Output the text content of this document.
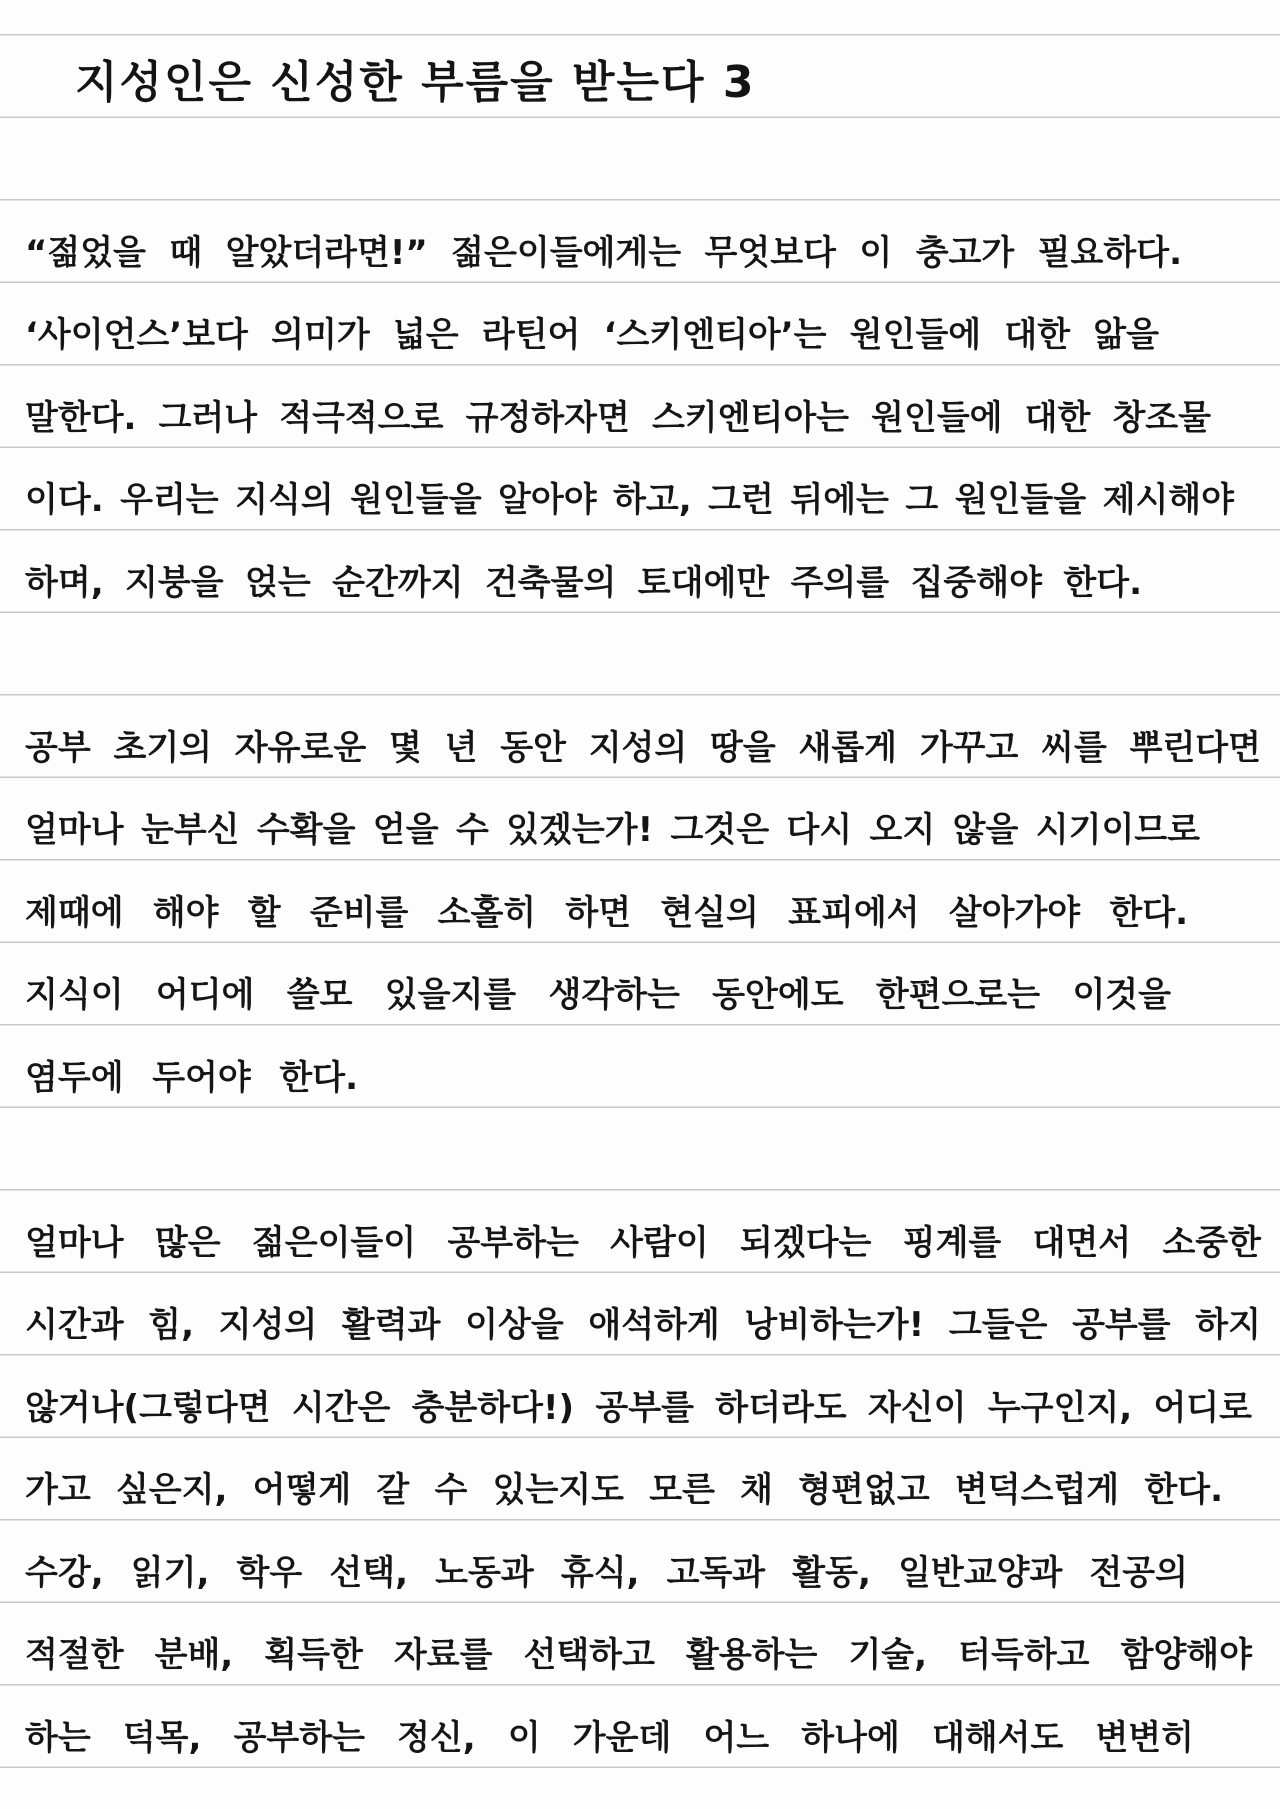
지성인은 신성한 부름을 받는다 3
“젊었을 때 알았더라면!” 젊은이들에게는 무엇보다 이 충고가 필요하다.
‘사이언스’보다 의미가 넓은 라틴어 ‘스키엔티아’는 원인들에 대한 앎을
말한다. 그러나 적극적으로 규정하자면 스키엔티아는 원인들에 대한 창조물
이다. 우리는 지식의 원인들을 알아야 하고, 그런 뒤에는 그 원인들을 제시해야
하며, 지붕을 얹는 순간까지 건축물의 토대에만 주의를 집중해야 한다.
공부 초기의 자유로운 몇 년 동안 지성의 땅을 새롭게 가꾸고 씨를 뿌린다면
얼마나 눈부신 수확을 얻을 수 있겠는가! 그것은 다시 오지 않을 시기이므로
제때에 해야 할 준비를 소홀히 하면 현실의 표피에서 살아가야 한다.
지식이 어디에 쓸모 있을지를 생각하는 동안에도 한편으로는 이것을
염두에 두어야 한다.
얼마나 많은 젊은이들이 공부하는 사람이 되겠다는 핑계를 대면서 소중한
시간과 힘, 지성의 활력과 이상을 애석하게 낭비하는가! 그들은 공부를 하지
않거나(그렇다면 시간은 충분하다!) 공부를 하더라도 자신이 누구인지, 어디로
가고 싶은지, 어떻게 갈 수 있는지도 모른 채 형편없고 변덕스럽게 한다.
수강, 읽기, 학우 선택, 노동과 휴식, 고독과 활동, 일반교양과 전공의
적절한 분배, 획득한 자료를 선택하고 활용하는 기술, 터득하고 함양해야
하는 덕목, 공부하는 정신, 이 가운데 어느 하나에 대해서도 변변히
